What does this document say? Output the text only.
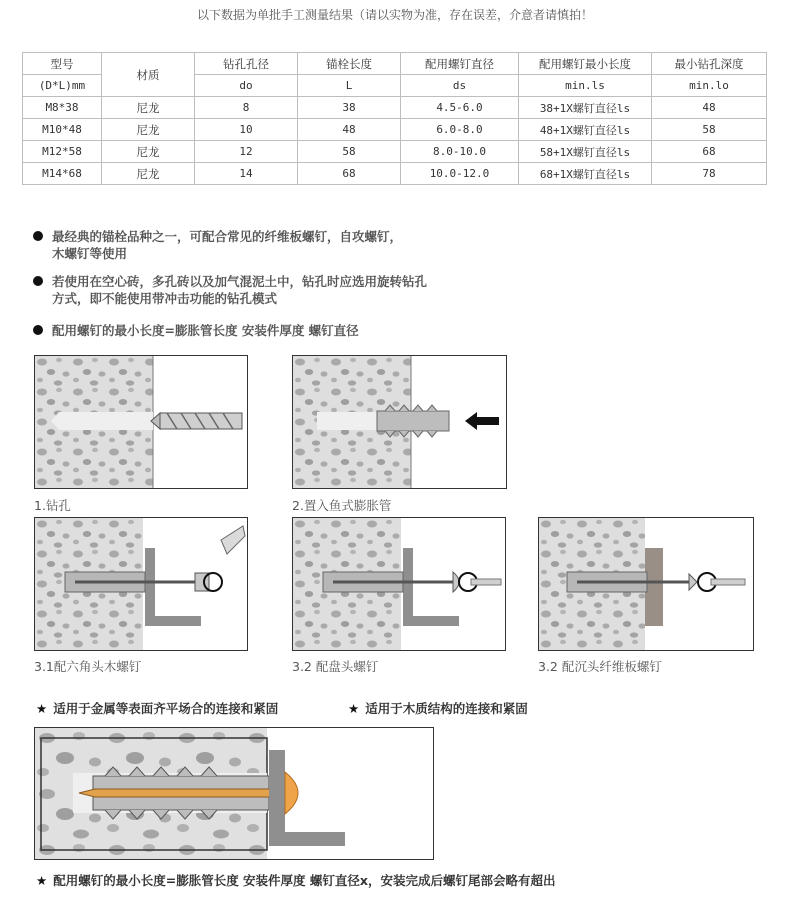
以下数据为单批手工测量结果（请以实物为准，存在误差，介意者请慎拍！
型号	材质	钻孔孔径	锚栓长度	配用螺钉直径	配用螺钉最小长度	最小钻孔深度
(D*L)mm		do	L	ds	min.ls	min.lo
M8*38	尼龙	8	38	4.5-6.0	38+1X螺钉直径ls	48
M10*48	尼龙	10	48	6.0-8.0	48+1X螺钉直径ls	58
M12*58	尼龙	12	58	8.0-10.0	58+1X螺钉直径ls	68
M14*68	尼龙	14	68	10.0-12.0	68+1X螺钉直径ls	78
最经典的锚栓品种之一，可配合常见的纤维板螺钉，自攻螺钉，
木螺钉等使用
若使用在空心砖，多孔砖以及加气混泥土中，钻孔时应选用旋转钻孔
方式，即不能使用带冲击功能的钻孔模式
配用螺钉的最小长度=膨胀管长度 安装件厚度 螺钉直径
1.钻孔	2.置入鱼式膨胀管
3.1配六角头木螺钉	3.2 配盘头螺钉	3.2 配沉头纤维板螺钉
★ 适用于金属等表面齐平场合的连接和紧固	★ 适用于木质结构的连接和紧固
★ 配用螺钉的最小长度=膨胀管长度 安装件厚度 螺钉直径x，安装完成后螺钉尾部会略有超出
